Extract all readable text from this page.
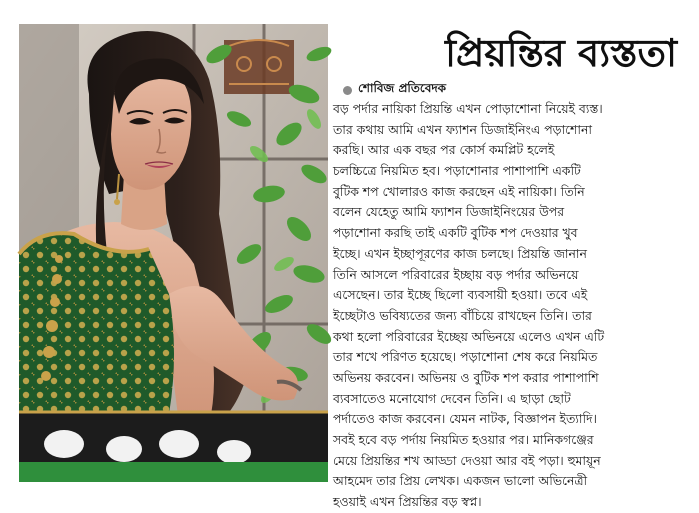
প্রিয়ন্তির ব্যস্ততা
শোবিজ প্রতিবেদক
বড় পর্দার নায়িকা প্রিয়ন্তি এখন পোড়াশোনা নিয়েই ব্যস্ত।
তার কথায় আমি এখন ফ্যাশন ডিজাইনিংএ পড়াশোনা
করছি। আর এক বছর পর কোর্স কমপ্লিট হলেই
চলচ্চিত্রে নিয়মিত হব। পড়াশোনার পাশাপাশি একটি
বুটিক শপ খোলারও কাজ করছেন এই নায়িকা। তিনি
বলেন যেহেতু আমি ফ্যাশন ডিজাইনিংয়ের উপর
পড়াশোনা করছি তাই একটি বুটিক শপ দেওয়ার খুব
ইচ্ছে। এখন ইচ্ছাপূরণের কাজ চলছে। প্রিয়ন্তি জানান
তিনি আসলে পরিবারের ইচ্ছায় বড় পর্দার অভিনয়ে
এসেছেন। তার ইচ্ছে ছিলো ব্যবসায়ী হওয়া। তবে এই
ইচ্ছেটাও ভবিষ্যতের জন্য বাঁচিয়ে রাখছেন তিনি। তার
কথা হলো পরিবারের ইচ্ছেয় অভিনয়ে এলেও এখন এটি
তার শখে পরিণত হয়েছে। পড়াশোনা শেষ করে নিয়মিত
অভিনয় করবেন। অভিনয় ও বুটিক শপ করার পাশাপাশি
ব্যবসাতেও মনোযোগ দেবেন তিনি। এ ছাড়া ছোট
পর্দাতেও কাজ করবেন। যেমন নাটক, বিজ্ঞাপন ইত্যাদি।
সবই হবে বড় পর্দায় নিয়মিত হওয়ার পর। মানিকগঞ্জের
মেয়ে প্রিয়ন্তির শখ আড্ডা দেওয়া আর বই পড়া। হুমায়ূন
আহমেদ তার প্রিয় লেখক। একজন ভালো অভিনেত্রী
হওয়াই এখন প্রিয়ন্তির বড় স্বপ্ন।
